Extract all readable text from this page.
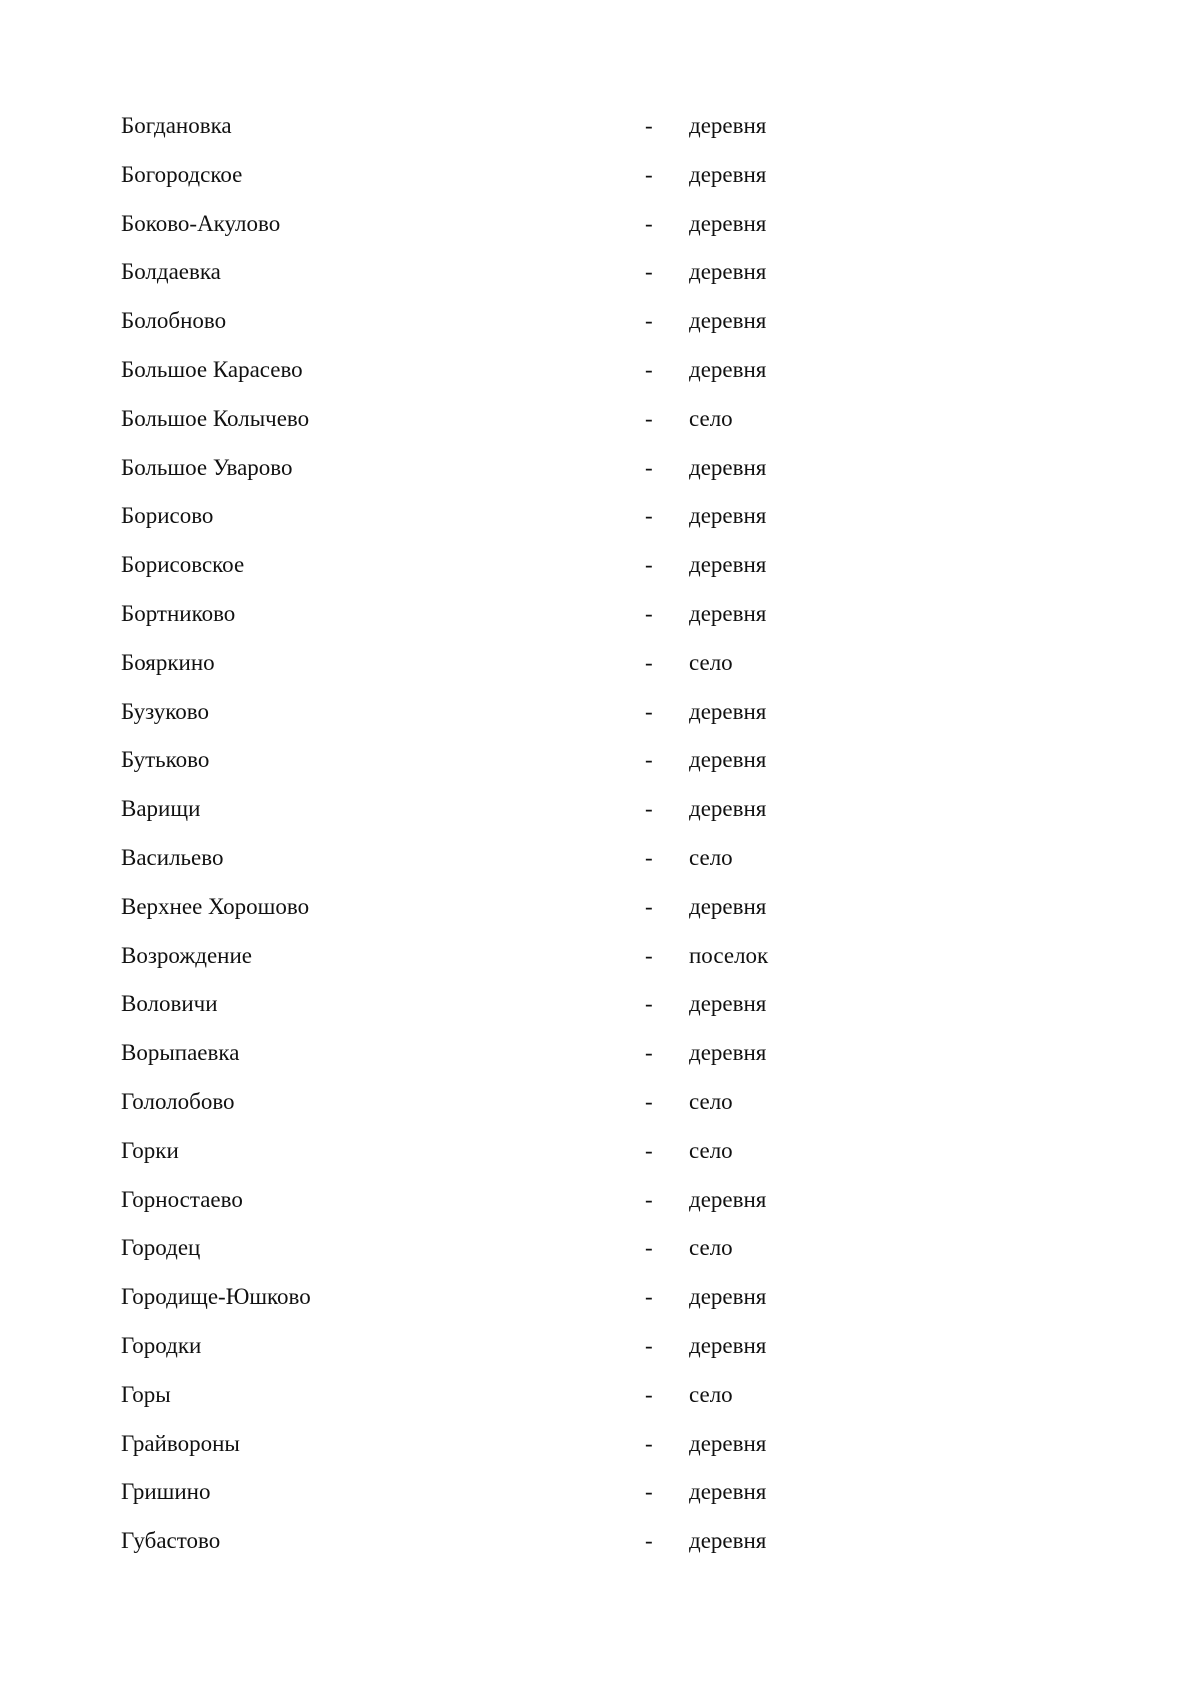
Богдановка	- деревня
Богородское	- деревня
Боково-Акулово	- деревня
Болдаевка	- деревня
Болобново	- деревня
Большое Карасево	- деревня
Большое Колычево	- село
Большое Уварово	- деревня
Борисово	- деревня
Борисовское	- деревня
Бортниково	- деревня
Бояркино	- село
Бузуково	- деревня
Бутьково	- деревня
Варищи	- деревня
Васильево	- село
Верхнее Хорошово	- деревня
Возрождение	- поселок
Воловичи	- деревня
Ворыпаевка	- деревня
Гололобово	- село
Горки	- село
Горностаево	- деревня
Городец	- село
Городище-Юшково	- деревня
Городки	- деревня
Горы	- село
Грайвороны	- деревня
Гришино	- деревня
Губастово	- деревня
